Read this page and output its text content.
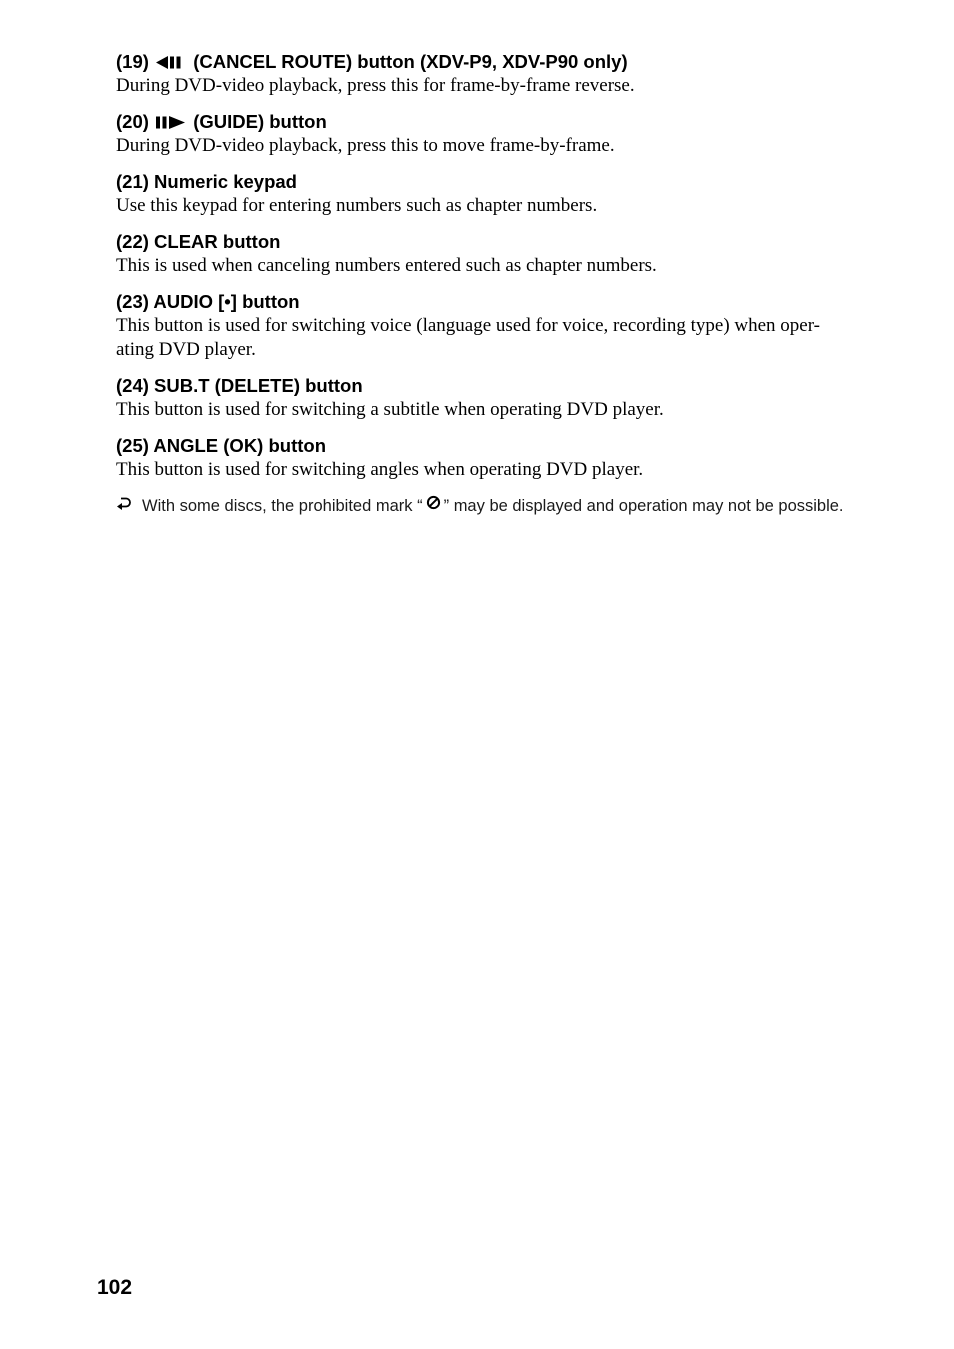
(19) (CANCEL ROUTE) button (XDV-P9, XDV-P90 only)

During DVD-video playback, press this for frame-by-frame reverse.

(20) (GUIDE) button

During DVD-video playback, press this to move frame-by-frame.

(21) Numeric keypad

Use this keypad for entering numbers such as chapter numbers.

(22) CLEAR button

This is used when canceling numbers entered such as chapter numbers.

(23) AUDIO [•] button

This button is used for switching voice (language used for voice, recording type) when oper-
ating DVD player.

(24) SUB.T (DELETE) button

This button is used for switching a subtitle when operating DVD player.

(25) ANGLE (OK) button

This button is used for switching angles when operating DVD player.

With some discs, the prohibited mark “ ” may be displayed and operation may not be possible.
102
